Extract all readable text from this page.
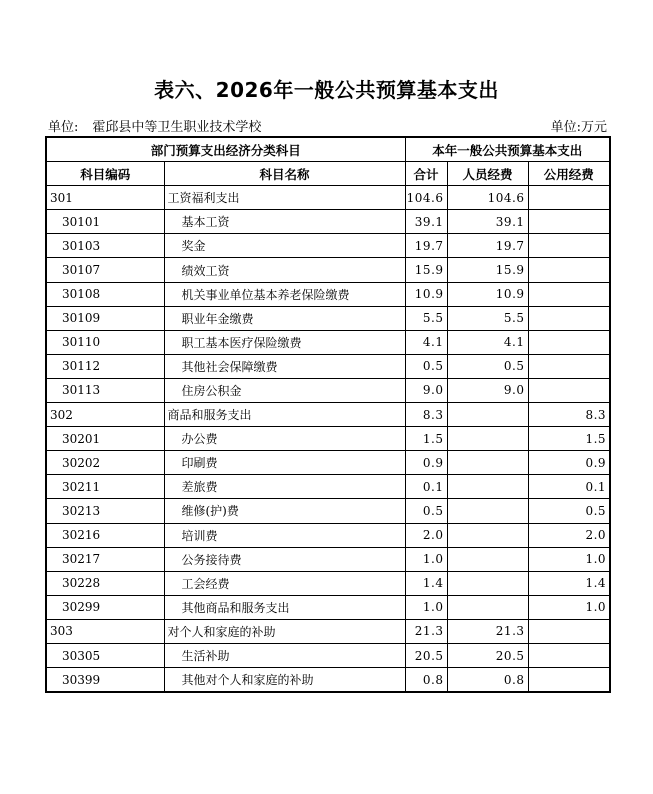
表六、2026年一般公共预算基本支出
单位: 霍邱县中等卫生职业技术学校	单位:万元
部门预算支出经济分类科目		本年一般公共预算基本支出		
科目编码	科目名称	合计	人员经费	公用经费
301	工资福利支出	104.6	104.6	
30101	基本工资	39.1	39.1	
30103	奖金	19.7	19.7	
30107	绩效工资	15.9	15.9	
30108	机关事业单位基本养老保险缴费	10.9	10.9	
30109	职业年金缴费	5.5	5.5	
30110	职工基本医疗保险缴费	4.1	4.1	
30112	其他社会保障缴费	0.5	0.5	
30113	住房公积金	9.0	9.0	
302	商品和服务支出	8.3		8.3
30201	办公费	1.5		1.5
30202	印刷费	0.9		0.9
30211	差旅费	0.1		0.1
30213	维修(护)费	0.5		0.5
30216	培训费	2.0		2.0
30217	公务接待费	1.0		1.0
30228	工会经费	1.4		1.4
30299	其他商品和服务支出	1.0		1.0
303	对个人和家庭的补助	21.3	21.3	
30305	生活补助	20.5	20.5	
30399	其他对个人和家庭的补助	0.8	0.8	
